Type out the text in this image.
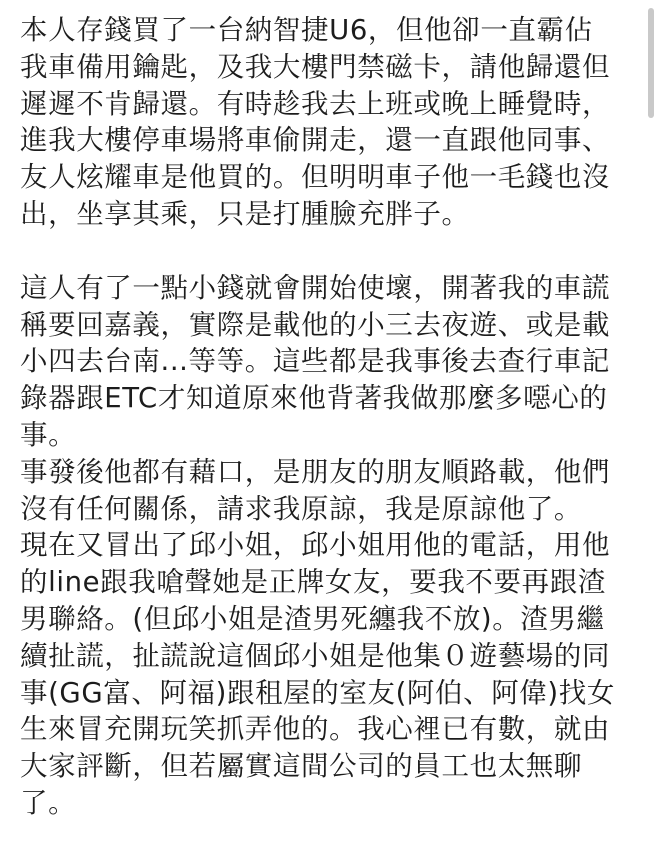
本人存錢買了一台納智捷U6，但他卻一直霸佔
我車備用鑰匙，及我大樓門禁磁卡，請他歸還但
遲遲不肯歸還。有時趁我去上班或晚上睡覺時，
進我大樓停車場將車偷開走，還一直跟他同事、
友人炫耀車是他買的。但明明車子他一毛錢也沒
出，坐享其乘，只是打腫臉充胖子。
這人有了一點小錢就會開始使壞，開著我的車謊
稱要回嘉義，實際是載他的小三去夜遊、或是載
小四去台南...等等。這些都是我事後去查行車記
錄器跟ETC才知道原來他背著我做那麼多噁心的
事。
事發後他都有藉口，是朋友的朋友順路載，他們
沒有任何關係，請求我原諒，我是原諒他了。
現在又冒出了邱小姐，邱小姐用他的電話，用他
的line跟我嗆聲她是正牌女友，要我不要再跟渣
男聯絡。(但邱小姐是渣男死纏我不放)。渣男繼
續扯謊，扯謊說這個邱小姐是他集０遊藝場的同
事(GG富、阿福)跟租屋的室友(阿伯、阿偉)找女
生來冒充開玩笑抓弄他的。我心裡已有數，就由
大家評斷，但若屬實這間公司的員工也太無聊
了。
